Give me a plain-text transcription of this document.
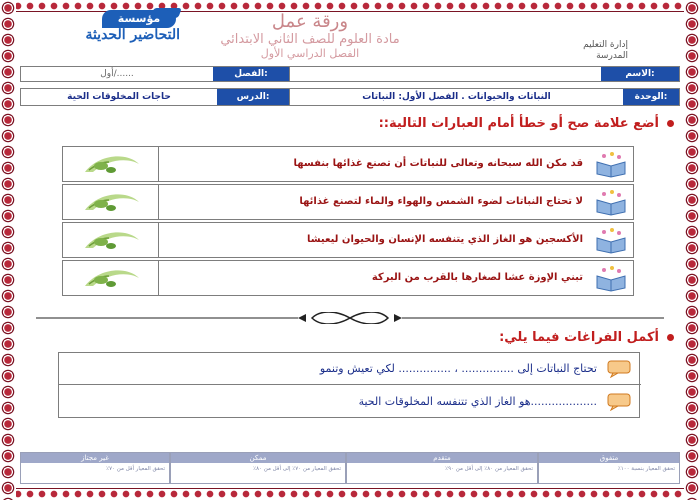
مؤسسة
التحاضير الحديثة
ورقة عمل
مادة العلوم للصف الثاني الابتدائي
الفصل الدراسي الأول
إدارة التعليم
المدرسة
أول/......	الفصل:	الاسم:
حاجات المخلوقات الحية	الدرس:	النباتات والحيوانات . الفصل الأول: النباتات	الوحدة:
أضع علامة صح أو خطأ أمام العبارات التالية::
قد مكن الله سبحانه وتعالى للنباتات أن تصنع غذائها بنفسها
لا تحتاج النباتات لضوء الشمس والهواء والماء لتصنع غذائها
الأكسجين هو الغاز الذي يتنفسه الإنسان والحيوان ليعيشا
تبني الإوزة عشا لصغارها بالقرب من البركة
أكمل الفراغات فيما يلي:
تحتاج النباتات إلى ............... ، ............... لكي تعيش وتنمو
...................هو الغاز الذي تتنفسه المخلوقات الحية
غير مجتاز
تحقق المعيار أقل من ٧٠٪
ممكن
تحقق المعيار من ٧٠٪ إلى أقل من ٨٠٪
متقدم
تحقق المعيار من ٨٠٪ إلى أقل من ٩٠٪
متفوق
تحقق المعيار بنسبة ١٠٠٪
